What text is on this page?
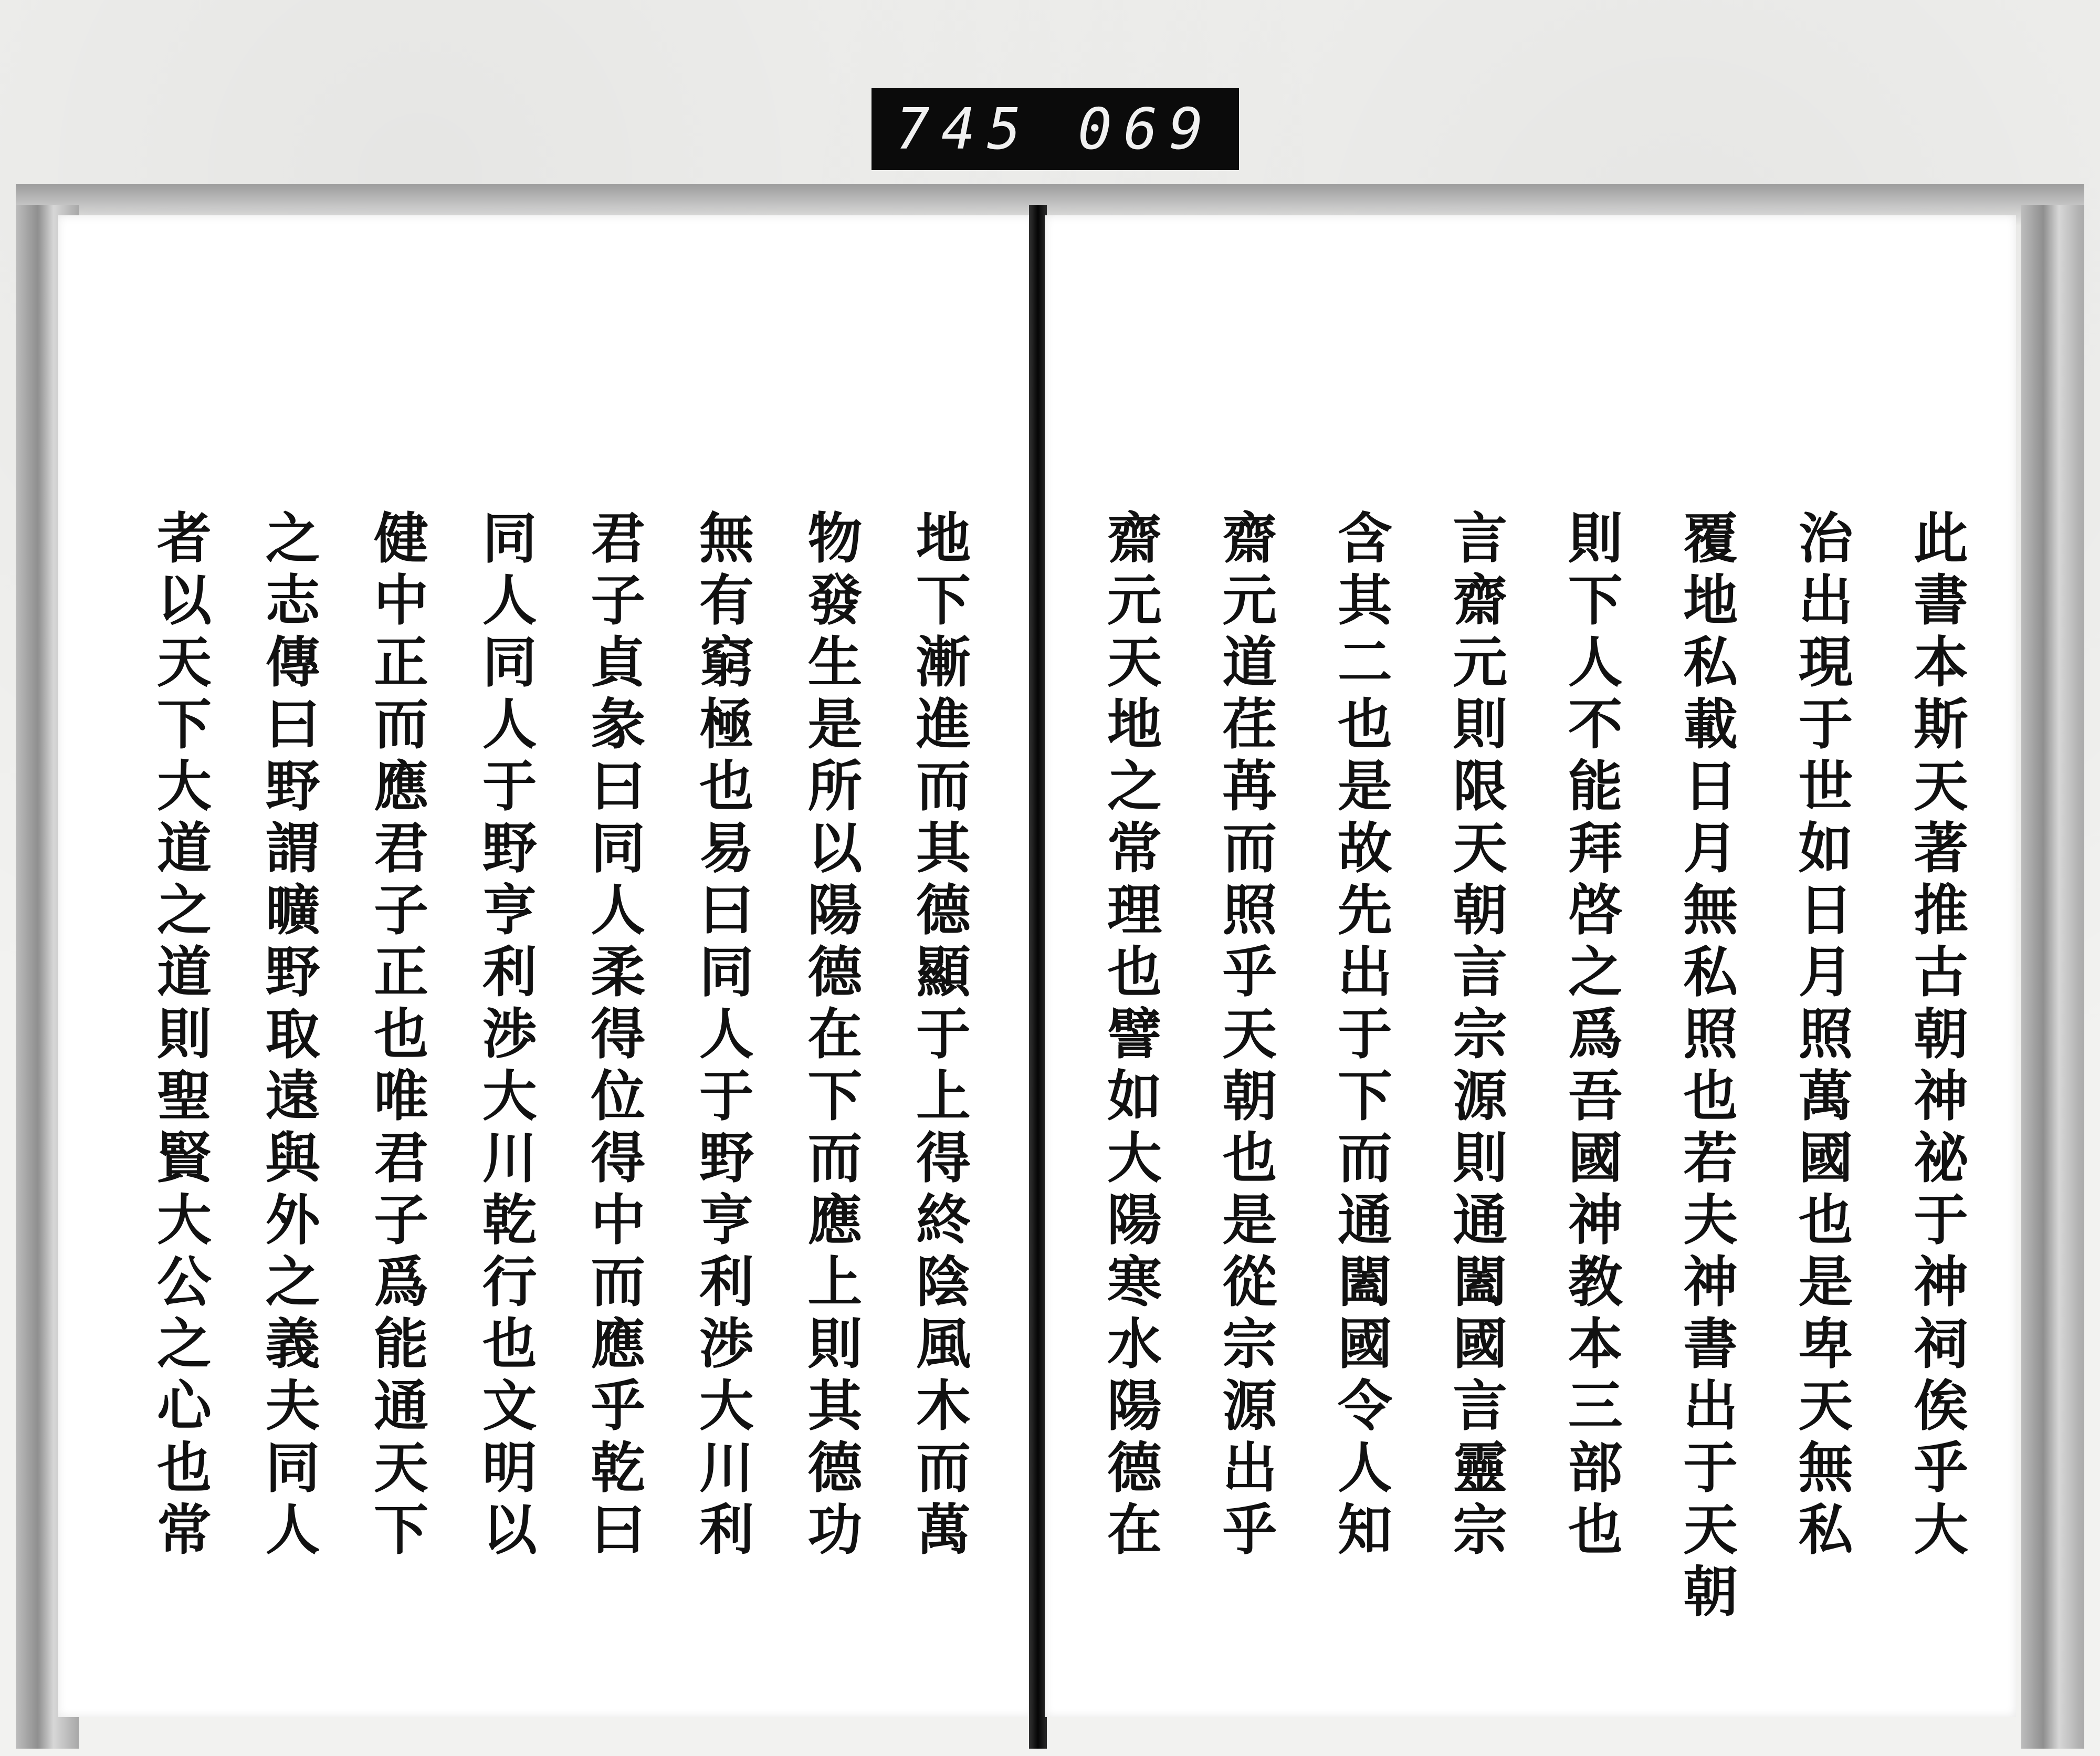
745 069
地下漸進而其德顯于上得終陰風木而萬
物發生是所以陽德在下而應上則其德功
無有窮極也易曰同人于野亨利渉大川利
君子貞彖曰同人柔得位得中而應乎乾曰
同人同人于野亨利渉大川乾行也文明以
健中正而應君子正也唯君子爲能通天下
之志傳曰野謂曠野取遠與外之義夫同人
者以天下大道之道則聖賢大公之心也常	此書本斯天著推古朝神祕于神祠俟乎大
治出現于世如日月照萬國也是卑天無私
覆地私載日月無私照也若夫神書出于天朝
則下人不能拜啓之爲吾國神教本三部也
言齋元則限天朝言宗源則通闔國言靈宗
含其二也是故先出于下而通闔國令人知
齋元道荏苒而照乎天朝也是從宗源出乎
齋元天地之常理也譬如大陽寒水陽德在
